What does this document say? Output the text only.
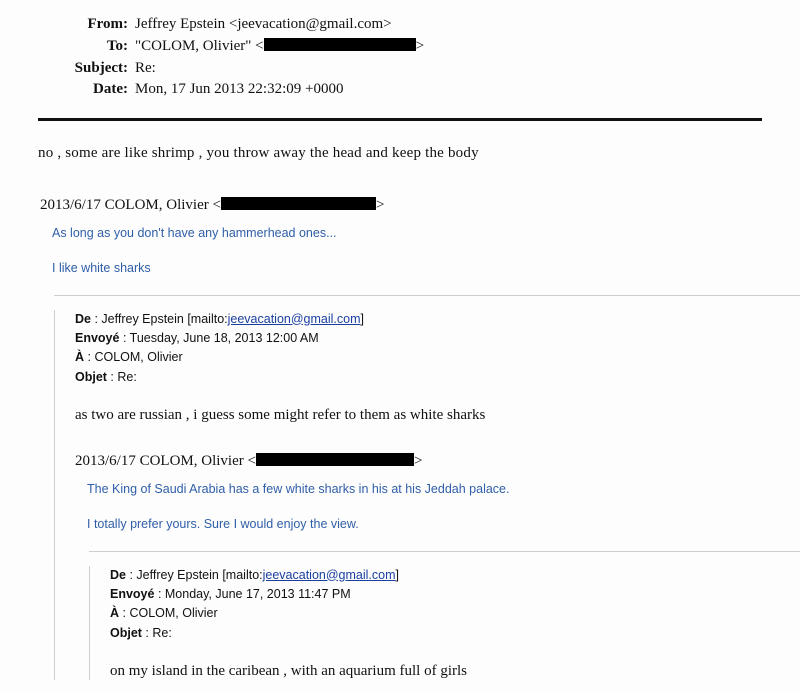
From: Jeffrey Epstein <jeevacation@gmail.com>
To: "COLOM, Olivier" <	>
Subject: Re:
Date: Mon, 17 Jun 2013 22:32:09 +0000
no , some are like shrimp , you throw away the head and keep the body
2013/6/17 COLOM, Olivier <	>

As long as you don't have any hammerhead ones...

I like white sharks

De : Jeffrey Epstein [mailto:jeevacation@gmail.com]
Envoyé : Tuesday, June 18, 2013 12:00 AM
À : COLOM, Olivier
Objet : Re:
as two are russian , i guess some might refer to them as white sharks
2013/6/17 COLOM, Olivier <	>

The King of Saudi Arabia has a few white sharks in his at his Jeddah palace.

I totally prefer yours. Sure I would enjoy the view.

De : Jeffrey Epstein [mailto:jeevacation@gmail.com]
Envoyé : Monday, June 17, 2013 11:47 PM
À : COLOM, Olivier
Objet : Re:
on my island in the caribean , with an aquarium full of girls
